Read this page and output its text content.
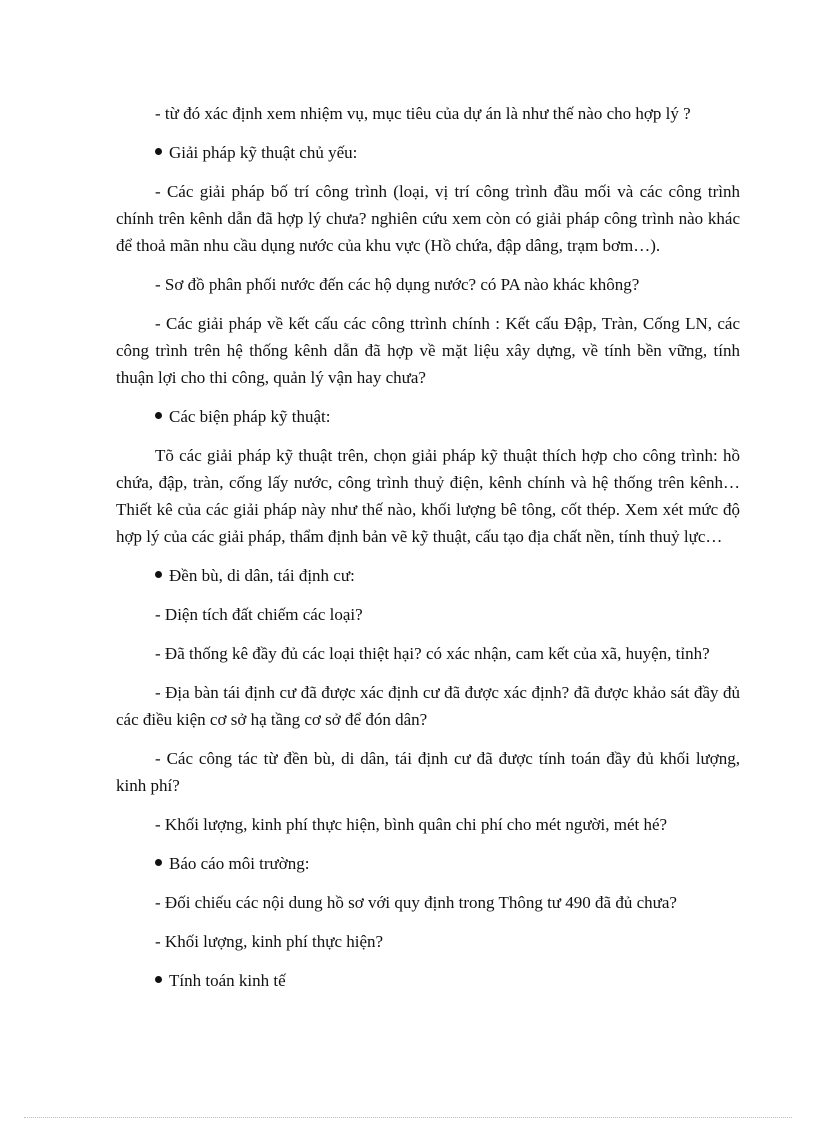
- từ đó xác định xem nhiệm vụ, mục tiêu của dự án là như thế nào cho hợp lý ?

Giải pháp kỹ thuật chủ yếu:

- Các giải pháp bố trí công trình (loại, vị trí công trình đầu mối và các công trình chính trên kênh dẫn đã hợp lý chưa? nghiên cứu xem còn có giải pháp công trình nào khác để thoả mãn nhu cầu dụng nước của khu vực (Hồ chứa, đập dâng, trạm bơm…).

- Sơ đồ phân phối nước đến các hộ dụng nước? có PA nào khác không?

- Các giải pháp về kết cấu các công ttrình chính : Kết cấu Đập, Tràn, Cống LN, các công trình trên hệ thống kênh dẫn đã hợp về mặt liệu xây dựng, về tính bền vững, tính thuận lợi cho thi công, quản lý vận hay chưa?

Các biện pháp kỹ thuật:

Tõ các giải pháp kỹ thuật trên, chọn giải pháp kỹ thuật thích hợp cho công trình: hồ chứa, đập, tràn, cống lấy nước, công trình thuỷ điện, kênh chính và hệ thống trên kênh… Thiết kê của các giải pháp này như thế nào, khối lượng bê tông, cốt thép. Xem xét mức độ hợp lý của các giải pháp, thẩm định bản vẽ kỹ thuật, cấu tạo địa chất nền, tính thuỷ lực…

Đền bù, di dân, tái định cư:

- Diện tích đất chiếm các loại?

- Đã thống kê đầy đủ các loại thiệt hại? có xác nhận, cam kết của xã, huyện, tỉnh?

- Địa bàn tái định cư đã được xác định cư đã được xác định? đã được khảo sát đầy đủ các điều kiện cơ sở hạ tầng cơ sở để đón dân?

- Các công tác từ đền bù, di dân, tái định cư đã được tính toán đầy đủ khối lượng, kinh phí?

- Khối lượng, kinh phí thực hiện, bình quân chi phí cho mét người, mét hé?

Báo cáo môi trường:

- Đối chiếu các nội dung hồ sơ với quy định trong Thông tư 490 đã đủ chưa?

- Khối lượng, kinh phí thực hiện?

Tính toán kinh tế
